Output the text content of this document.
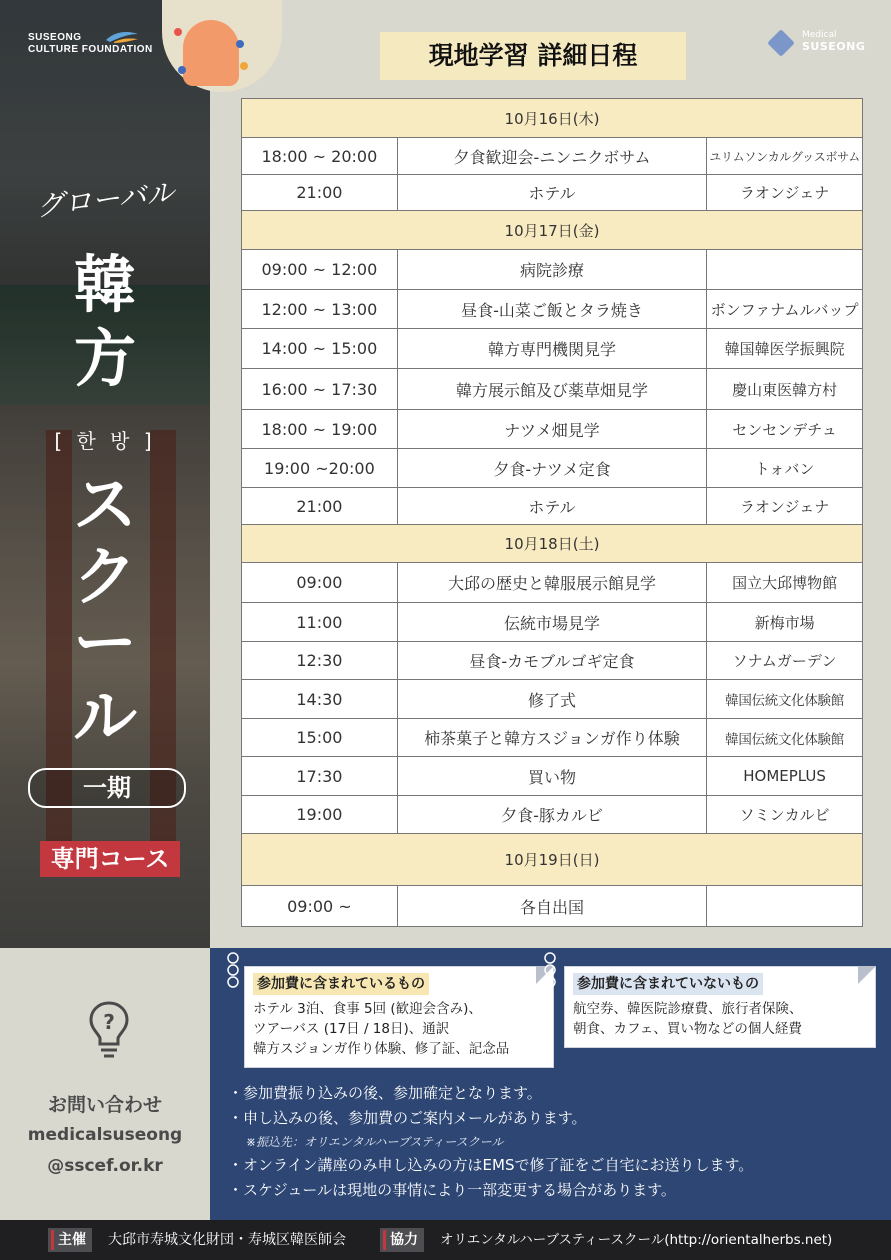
SUSEONG
CULTURE FOUNDATION
グローバル
韓
方
[ 한 방 ]
ス
ク
ー
ル
一期
専門コース
現地学習 詳細日程
Medical
SUSEONG
10月16日(木)		
18:00 ~ 20:00	夕食歓迎会-ニンニクボサム	ユリムソンカルグッスボサム
21:00	ホテル	ラオンジェナ
10月17日(金)		
09:00 ~ 12:00	病院診療	
12:00 ~ 13:00	昼食-山菜ご飯とタラ焼き	ボンファナムルバップ
14:00 ~ 15:00	韓方専門機関見学	韓国韓医学振興院
16:00 ~ 17:30	韓方展示館及び薬草畑見学	慶山東医韓方村
18:00 ~ 19:00	ナツメ畑見学	センセンデチュ
19:00 ~20:00	夕食-ナツメ定食	トォバン
21:00	ホテル	ラオンジェナ
10月18日(土)		
09:00	大邱の歴史と韓服展示館見学	国立大邱博物館
11:00	伝統市場見学	新梅市場
12:30	昼食-カモブルゴギ定食	ソナムガーデン
14:30	修了式	韓国伝統文化体験館
15:00	柿茶菓子と韓方スジョンガ作り体験	韓国伝統文化体験館
17:30	買い物	HOMEPLUS
19:00	夕食-豚カルビ	ソミンカルビ
10月19日(日)		
09:00 ~	各自出国	
?
お問い合わせ
medicalsuseong
@sscef.or.kr
参加費に含まれているもの
ホテル 3泊、食事 5回 (歓迎会含み)、
ツアーバス (17日 / 18日)、通訳
韓方スジョンガ作り体験、修了証、記念品
参加費に含まれていないもの
航空券、韓医院診療費、旅行者保険、
朝食、カフェ、買い物などの個人経費
・参加費振り込みの後、参加確定となります。
・申し込みの後、参加費のご案内メールがあります。
※振込先：オリエンタルハーブスティースクール
・オンライン講座のみ申し込みの方はEMSで修了証をご自宅にお送りします。
・スケジュールは現地の事情により一部変更する場合があります。
主催	大邱市寿城文化財団・寿城区韓医師会	協力	オリエンタルハーブスティースクール(http://orientalherbs.net)
